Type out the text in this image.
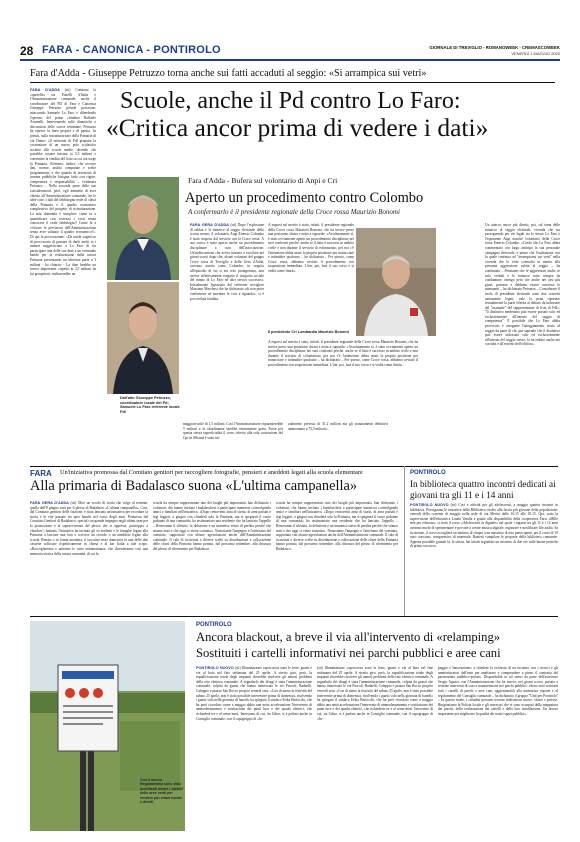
28 FARA - CANONICA - PONTIROLO	GIORNALE DI TREVIGLIO - ROMANOWEEK - CREMASCOWEEK
VENERDÌ 1 MAGGIO 2020
Fara d'Adda - Giuseppe Petruzzo torna anche sui fatti accaduti al seggio: «Si arrampica sui vetri»
FARA D'ADDA (stt) Continua la «querelle» tra Fratelli d'Italia e l'Amministrazione comunale: anche il coordinatore del PD di Fara e Canonica Giuseppe Petruzzo prende posizione, attaccando Samuele Lo Faro e difendendo l'operato del primo cittadino Raffaele Assanelli. Intervenendo sulle dinamiche e discussioni delle scorse settimane, Petruzzo ha ripreso la linea propria e di partito. In primis, sulla ristrutturazione della Primaria di via Dante: «Il referente di FdI propone la costruzione di un nuovo polo scolastico accanto alle scuole medie, dicendo che potrebbe costare intorno ai 3,5 milioni e consentire la vendita del lotto su cui ora sorge la Primaria. Affermia, inoltre, che occorre dati, norme, analisi comparate e scelte programmate, e che quando di investono di somme pubbliche bisogna farlo con rigore, competenza e responsabilità – evidenzia Petruzzo – Nella seconda parte delle sue considerazioni, però, egli ammette di aver chiesto all'Amministrazione comunale, tre le altre cose, i dati del fabbisogno reale di classi della Primaria e il quadro economico complessivo del progetto di ristrutturazione. La mia domanda è semplice: come fa a quantificare con certezza i costi senza conoscere il reale fabbisogno? Come fa a criticare le previsioni dell'Amministrazione senza aver valutato il quadro economico?». Di qui la provocazione: «Da unide sugerisce di provvisoria di pensare di darle anchi io i numeri suggeriscono a Lo Faro di far partecipare una delle sue dine a un eventuale bando per la realizzazione della nuova Primaria presentando un ulteriore parte a 3 milioni - ha chiarito - La dine farebbe un lavoro importante, rispetto ai 3,5 milioni da lui prospettati, realizzerebbe un
Scuole, anche il Pd contro Lo Faro:
«Critica ancor prima di vedere i dati»
Dall'alto Giuseppe Petruzzo, coordinatore locale del Pd; Samuele Lo Faro referente locale FdI
Fara d'Adda - Bufera sul volontario di Anpi e Cri
Aperto un procedimento contro Colombo
A confermarlo è il presidente regionale della Croce rossa Maurizio Bonomi
FARA GERA D'ADDA (stt) Dopo l'esplosione di rabbia e le minacce al seggio elettorale dello scorso marzo, il volontario Angi Ernesto Colombo è stato sospeso dal servizio con la Croce rossa. A suo carico è stato aperto anche un procedimento disciplinare a cura dell'associazione. Un'indiscrezione che aveva iniziato a circolare nei giorni scorsi dopo che, alcuni volontari del gruppo Croce rossa di Treviglio e della Gera d'Adda, avevano notato come Colombo, in seguito all'episodio di cui si era reso protagonista, non avesse effettivamente eseguito il trasporto sociale del nonno di Lo Faro né altri servizi successivi. Inizialmente bypassata dal referente treviglese Massimo Marchesi che ha dichiarato «di non poter confermare né smentire le voci a riguardo», si è poi rivelata fondata.
A esporsi sul merito è stato, infatti, il presidente regionale della Croce rossa Maurizio Bonomi, che ha invece preso una posizione chiara e netta a riguardo: «Assolutamente sì, è stato ovviamente aperto un procedimento disciplinare nei suoi confronti perché, anche se il fatto è successo in ambito civile e non durante il servizio di volontariato, per noi c'è l'attenzione abbia usato la propria posizione per minacciare e intimidire qualcuno – ha dichiarato – Per questo, come Croce rossa, abbiamo avviato il procedimento con sospensione immediata. L'iter, poi, farà il suo corso e si vedrà come finirà».
Il presidente Cri Lombardia Maurizio Bonomi
A esporsi sul merito è stato, infatti, il presidente regionale della Croce rossa Maurizio Bonomi, che ha invece preso una posizione chiara e netta a riguardo: «Assolutamente sì, è stato ovviamente aperto un procedimento disciplinare nei suoi confronti perché, anche se il fatto è successo in ambito civile e non durante il servizio di volontariato, per noi c'è l'attenzione abbia usato la propria posizione per minacciare e intimidire qualcuno – ha dichiarato – Per questo, come Croce rossa, abbiamo avviato il procedimento con sospensione immediata. L'iter, poi, farà il suo corso e si vedrà come finirà».
Un attacco ancor più diretto, poi, sul tema delle minacce al seggio elettorali, vicenda che sta proseguendo per vie legali tra lo stesso Lo Faro e l'esponente Angi nonché volontario della Croce rossa Ernesto Colombo. «Credo che Lo Faro abbia commentato con largo anticipo la sua personale campagna elettorale, e penso che l'esaltazione con la quale continua ad "arrampicarsi sui vetri" nella vicenda che lo vede coinvolto in merito alla presunta aggressione subita al seggio – ha continuato – Pensiamo che le aggressioni anche se solo verbali e le minacce sono sempre da condannare, ritengo però che anche nei casi più gravi, possano e debbano essere concesse le attenuanti – ha dichiarato Petruzzo – Considerare il ruolo di presidente elettorale sono due concetti nettamente legati, vale la pena riportare testualmente la parte riferita al dettato da indossare del "manuale" del rappresentante di lista di FdI»: "Il distintivo medesimo può essere portato solo ed esclusivamente all'interno del seggio di competenza". È possibile che Lo Faro abbia provocato e arrogante l'atteggiamento avuto al seggio da parte di chi, pur sapendo che il distintivo può essere indossato solo ed esclusivamente all'interno del seggio stesso, lo ha esibito anche nei corridoi e all'esterno dell'edificio».
maggiore utile di 1,5 milioni. Così l'Amministrazione risparmierebbe 5 milioni e la cittadinanza sarebbe eternamente grata. Forse per questa stessa superficialità il costo riferito alla sola costruzione dei Cpr in Albania è stato ini-
zialmente previsto di 31,2 milioni ma gli stanziamenti definitivi ammontano a 73,5 milioni».
FARA Un'iniziativa promossa dal Comitato genitori per raccogliere fotografie, pensieri e aneddoti legati alla scuola elementare
Alla primaria di Badalasco suona «L'ultima campanella»
FARA GERA D'ADDA (stt) Oltre un secolo di storia che volge al termine, quella dell'8 giugno sarà per il plesso di Badalasco «L'ultima campanella». Così, dal Comitato genitori delle frazione, è stata lanciata un'iniziativa per ricordare la storia e le vite passate tra quei banchi nel corso degli anni. Promossa dal Comitato Genitori di Badalasco, special con grande impegno negli ultimi anni per la promozione e la sopravvivenza del plesso che si appresta, purtroppo, a chiudere i battenti, l'iniziativa ha invitato gli ex studenti e le famiglie legate alla Primaria a lasciare una foto o scrivere un ricordo o un aneddoto legato alla scuola. Renato o in forma anonima; il taccuino resto domenica in una delle due cassette collocate rispettivamente in chiesa e al bar Italia a tale scopo. «Raccoglieremo e uniremo le varie testimonianze, che diventeranno così una memoria storica della nostra comunità, di cui la
scuola ha sempre rappresentato uno dei luoghi più importanti» han dichiarato i volontari, che hanno invitato i badalaschesi a partecipare numerosi coinvolgendo amici e familiari nell'iniziativa. «Dopo centoventi anni di storia, di anni passati e tegi leggeri, a giugno con chiuderà solo la Primaria, ma si spegnerà il cuore pulsante di una comunità» ha testimoniato una residente che ha lanciato l'appello – Resteranno il silenzio, la delusione e un immenso senso di perdita perché che stiamo stati e che oggi ci viene sottratto». Nonostante l'impegno e l'attivismo del comitato, supportato con alcune agevolazioni anche dell'Amministrazione comunale. Il calo di iscrizioni e diverse scelte su distribuzione e collocazione delle classi della Primaria hanno portato, dal prossimo settembre, alla chiusura del plesso di riferimento per Badalasco.
scuola ha sempre rappresentato uno dei luoghi più importanti» han dichiarato i volontari, che hanno invitato i badalaschesi a partecipare numerosi coinvolgendo amici e familiari nell'iniziativa. «Dopo centoventi anni di storia, di anni passati e tegi leggeri, a giugno con chiuderà solo la Primaria, ma si spegnerà il cuore pulsante di una comunità» ha testimoniato una residente che ha lanciato l'appello – Resteranno il silenzio, la delusione e un immenso senso di perdita perché che stiamo stati e che oggi ci viene sottratto». Nonostante l'impegno e l'attivismo del comitato, supportato con alcune agevolazioni anche dell'Amministrazione comunale. Il calo di iscrizioni e diverse scelte su distribuzione e collocazione delle classi della Primaria hanno portato, dal prossimo settembre, alla chiusura del plesso di riferimento per Badalasco.
PONTIROLO
In biblioteca quattro incontri dedicati ai giovani tra gli 11 e i 14 anni
PONTIROLO NUOVO (stt) Così e attività per gli adolescenti, a maggio quattro incontri in biblioteca. Proseguono le iniziative della Biblioteca rivolte alla fascia più giovane della popolazione: venerdì della corrente di maggio nella sede di via Merini dalle 16.15 alle 18.15. Qui, sotto la supervisione dell'educatrice Luana Varalta e grazie alla disponibilità della cooperativa Farsi «Mille non per educare», si terrà il corso «Adolescenti in digitale» nel quale i ragazzi tra gli 11 e i 14 anni avranno modo di sperimentare e provare a creare musica digitale, registrare e modificare file audio. Sa iscrizione, il corso accoglierà un minimo di cinque a un massimo di otto partecipanti, per il costo di 10 euro ciascuno, comprensivo di materiale. Basterà compilare le proposte della biblioteca comunale. Appena possibile gratuiti la, la stessa, hai infatti segnalato un incontro di due ore sulle buone pratiche di primo soccorso.
Con il nuovo Regolamento sono stati modificati anche i cartelli delle aree verdi per rendere più chiari norme e divieti
PONTIROLO
Ancora blackout, a breve il via all'intervento di «relamping»
Sostituiti i cartelli informativi nei parchi pubblici e aree cani
PONTIROLO NUOVO (stt) Illuminazione capricciosa sono le feste, guasti e vie al buio nel fine settimana del 25 aprile. A stretto giro, però, la riqualificazione totale degli impianti dovrebbe risolvere gli annosi problemi della rete elettrica comunale. A segnalarlo dei disagi è stata l'amministrazione comunale, colpita da guasti che hanno interessato le vie Pascoli, Badaelli, Caleppio e piazza San Rocco proprio venerdì sera: «Con di meno la festività del sabato 25 aprile, non è stato possibile intervenire prima di domenica, risolvendo i guasti solo nella giornata di lunedì» ha spiegato il sindaco Erika Bertocchi, che ha però ricordato come a maggio abbia una netta accelerazione l'intervento di ammodernamento e sostituzione dei punti luce e dei quadri elettrici, che richiederà tre e al seme mesi. Intervento di cui, tra l'altro, si è parlato anche in Consiglio comunale, con il capogruppo di «In-
(stt) Illuminazione capricciosa sono le feste, guasti e vie al buio nel fine settimana del 25 aprile. A stretto giro, però, la riqualificazione totale degli impianti dovrebbe risolvere gli annosi problemi della rete elettrica comunale. A segnalarlo dei disagi è stata l'amministrazione comunale, colpita da guasti che hanno interessato le vie Pascoli, Badaelli, Caleppio e piazza San Rocco proprio venerdì sera: «Con di meno la festività del sabato 25 aprile, non è stato possibile intervenire prima di domenica, risolvendo i guasti solo nella giornata di lunedì» ha spiegato il sindaco Erika Bertocchi, che ha però ricordato come a maggio abbia una netta accelerazione l'intervento di ammodernamento e sostituzione dei punti luce e dei quadri elettrici, che richiederà tre e al seme mesi. Intervento di cui, tra l'altro, si è parlato anche in Consiglio comunale, con il capogruppo di «In-
peggio e Innovazione» a chiedere la richiesta di un incontro con i tecnici e gli amministratori dell'ente per analizzare e comprendere a pieno il contratto del partenariato pubblico-privato. Disponibilità in tal senso da parte dell'assessore Sergio Agazzi, con l'Amministrazione che ha invece, nei giorni scorsi, portato a termine interventi di cura e manutenzione nei parchi pubblici: «Sono stati sostituiti tutti i cartelli di parchi e aree cani, aggiornandoli alla normativa vigente e al regolamento del Consiglio comunale – ha dichiarato il gruppo "Unit per Pontirolo" – In questo modo, i cittadini possono trovare indicazioni nuove, chiare e precise. Ringraziamo la Polizia locale e gli assessori che si sono occupati della mappatura dei parchi, della realizzazione dei cartelli e della loro installazione. Un lavoro importante per migliorare la qualità dei nostri spazi pubblici».
